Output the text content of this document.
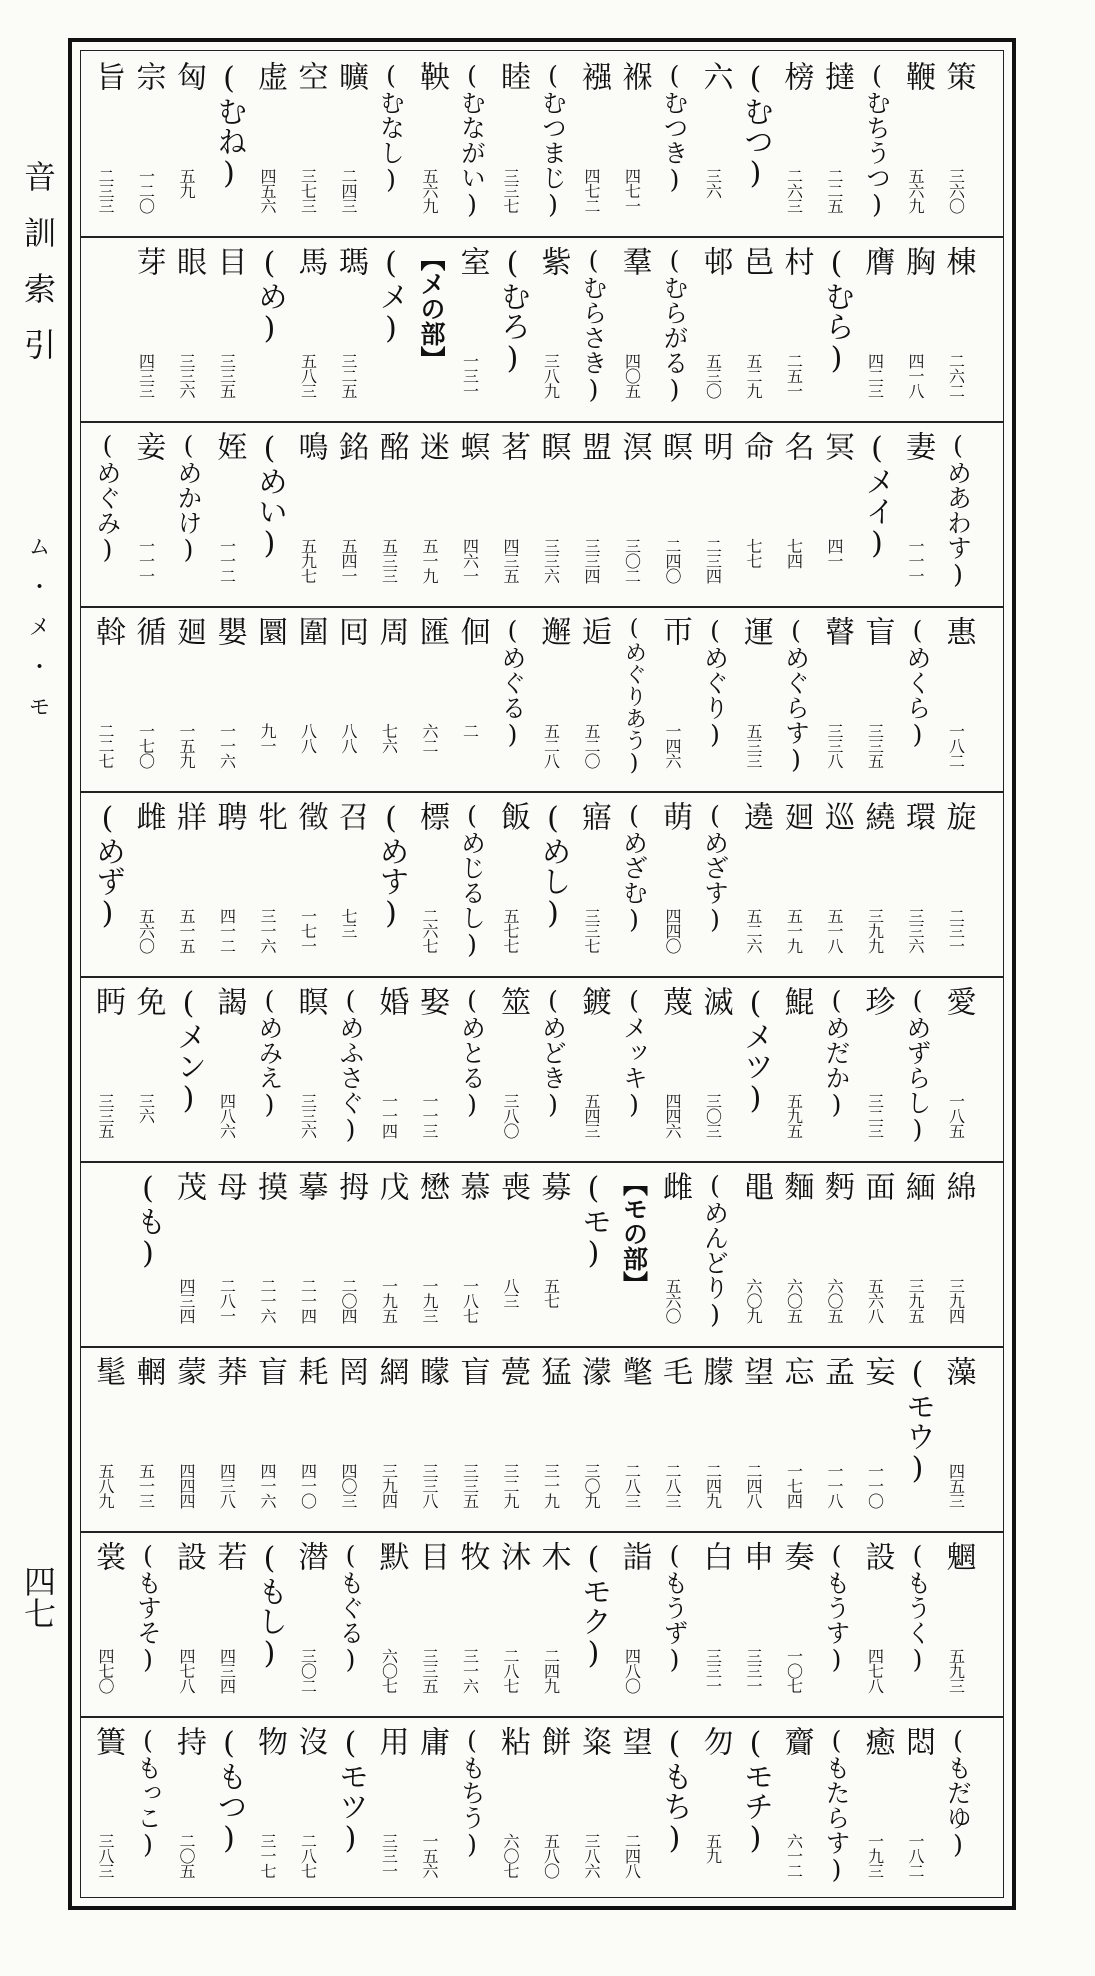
音訓索引
ム・メ・モ
四七
策
三六〇
鞭
五六九
(むちうつ)
撻
二二五
榜
二六三
(むつ)
六
三六
(むつき)
褓
四七一
襁
四七二
(むつまじ)
睦
三三七
(むながい)
鞅
五六九
(むなし)
曠
二四三
空
三七三
虚
四五六
(むね)
匈
五九
宗
一二〇
旨
二三三
棟
二六二
胸
四一八
膺
四二三
(むら)
村
二五一
邑
五二九
邨
五三〇
(むらがる)
羣
四〇五
(むらさき)
紫
三八九
(むろ)
室
一三一
【メの部】
(メ)
瑪
三二五
馬
五八三
(め)
目
三三五
眼
三三六
芽
四三三
(めあわす)
妻
一一一
(メイ)
冥
四一
名
七四
命
七七
明
二三四
暝
二四〇
溟
三〇二
盟
三三四
瞑
三三六
茗
四三五
螟
四六一
迷
五一九
酩
五三三
銘
五四一
鳴
五九七
(めい)
姪
一一二
(めかけ)
妾
一一一
(めぐみ)
惠
一八二
(めくら)
盲
三三五
瞽
三三八
(めぐらす)
運
五三三
(めぐり)
帀
一四六
(めぐりあう)
逅
五二〇
邂
五二八
(めぐる)
佪
二
匯
六二
周
七六
囘
八八
圍
八八
圜
九一
嬰
一一六
廻
一五九
循
一七〇
斡
二二七
旋
二三一
環
三三六
繞
三九九
巡
五一八
廻
五一九
遶
五二六
(めざす)
萌
四四〇
(めざむ)
寤
三三七
(めし)
飯
五七七
(めじるし)
標
二六七
(めす)
召
七三
徵
一七一
牝
三一六
聘
四一二
牂
五一五
雌
五六〇
(めず)
愛
一八五
(めずらし)
珍
三二三
(めだか)
鯤
五九五
(メツ)
滅
三〇三
蔑
四四六
(メッキ)
鍍
五四三
(めどき)
筮
三八〇
(めとる)
娶
一一三
婚
一一四
(めふさぐ)
瞑
三三六
(めみえ)
謁
四八六
(メン)
免
三六
眄
三三五
綿
三九四
緬
三九五
面
五六八
麪
六〇五
麵
六〇五
黽
六〇九
(めんどり)
雌
五六〇
【モの部】
(モ)
募
五七
喪
八三
慕
一八七
懋
一九三
戊
一九五
拇
二〇四
摹
二一四
摸
二一六
母
二八一
茂
四三四
(も)
藻
四五三
(モウ)
妄
一一〇
孟
一一八
忘
一七四
望
二四八
朦
二四九
毛
二八三
氅
二八三
濛
三〇九
猛
三一九
甍
三二九
盲
三三五
矇
三三八
網
三九四
罔
四〇三
耗
四一〇
盲
四一六
莽
四三八
蒙
四四四
輞
五一三
髦
五八九
魍
五九三
(もうく)
設
四七八
(もうす)
奏
一〇七
申
三三一
白
三三一
(もうず)
詣
四八〇
(モク)
木
二四九
沐
二八七
牧
三一六
目
三三五
默
六〇七
(もぐる)
潜
三〇二
(もし)
若
四三四
設
四七八
(もすそ)
裳
四七〇
(もだゆ)
悶
一八二
癒
一九三
(もたらす)
齎
六一二
(モチ)
勿
五九
(もち)
望
二四八
粢
三八六
餅
五八〇
粘
六〇七
(もちう)
庸
一五六
用
三三一
(モツ)
沒
二八七
物
三一七
(もつ)
持
二〇五
(もっこ)
簣
三八三
